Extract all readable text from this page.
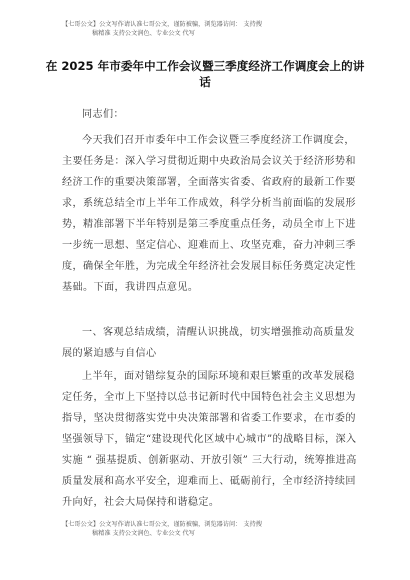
【七哥公文】公文写作请认准七哥公文，谨防被骗，浏览器访问： 支持搜
稿精准 支持公文润色、专业公文 代写
在 2025 年市委年中工作会议暨三季度经济工作调度会上的讲话
同志们：
今天我们召开市委年中工作会议暨三季度经济工作调度会，主要任务是：深入学习贯彻近期中央政治局会议关于经济形势和经济工作的重要决策部署，全面落实省委、省政府的最新工作要求，系统总结全市上半年工作成效，科学分析当前面临的发展形势，精准部署下半年特别是第三季度重点任务，动员全市上下进一步统一思想、坚定信心、迎难而上、攻坚克难，奋力冲刺三季度，确保全年胜，为完成全年经济社会发展目标任务奠定决定性基础。下面，我讲四点意见。
一、客观总结成绩，清醒认识挑战，切实增强推动高质量发展的紧迫感与自信心
上半年，面对错综复杂的国际环境和艰巨繁重的改革发展稳定任务，全市上下坚持以总书记新时代中国特色社会主义思想为指导，坚决贯彻落实党中央决策部署和省委工作要求，在市委的坚强领导下，锚定“建设现代化区域中心城市”的战略目标，深入实施 “ 强基提质、创新驱动、开放引领” 三大行动，统筹推进高质量发展和高水平安全，迎难而上、砥砺前行，全市经济持续回升向好，社会大局保持和谐稳定。
【七哥公文】公文写作请认准七哥公文，谨防被骗，浏览器访问： 支持搜
稿精准 支持公文润色、专业公文 代写
